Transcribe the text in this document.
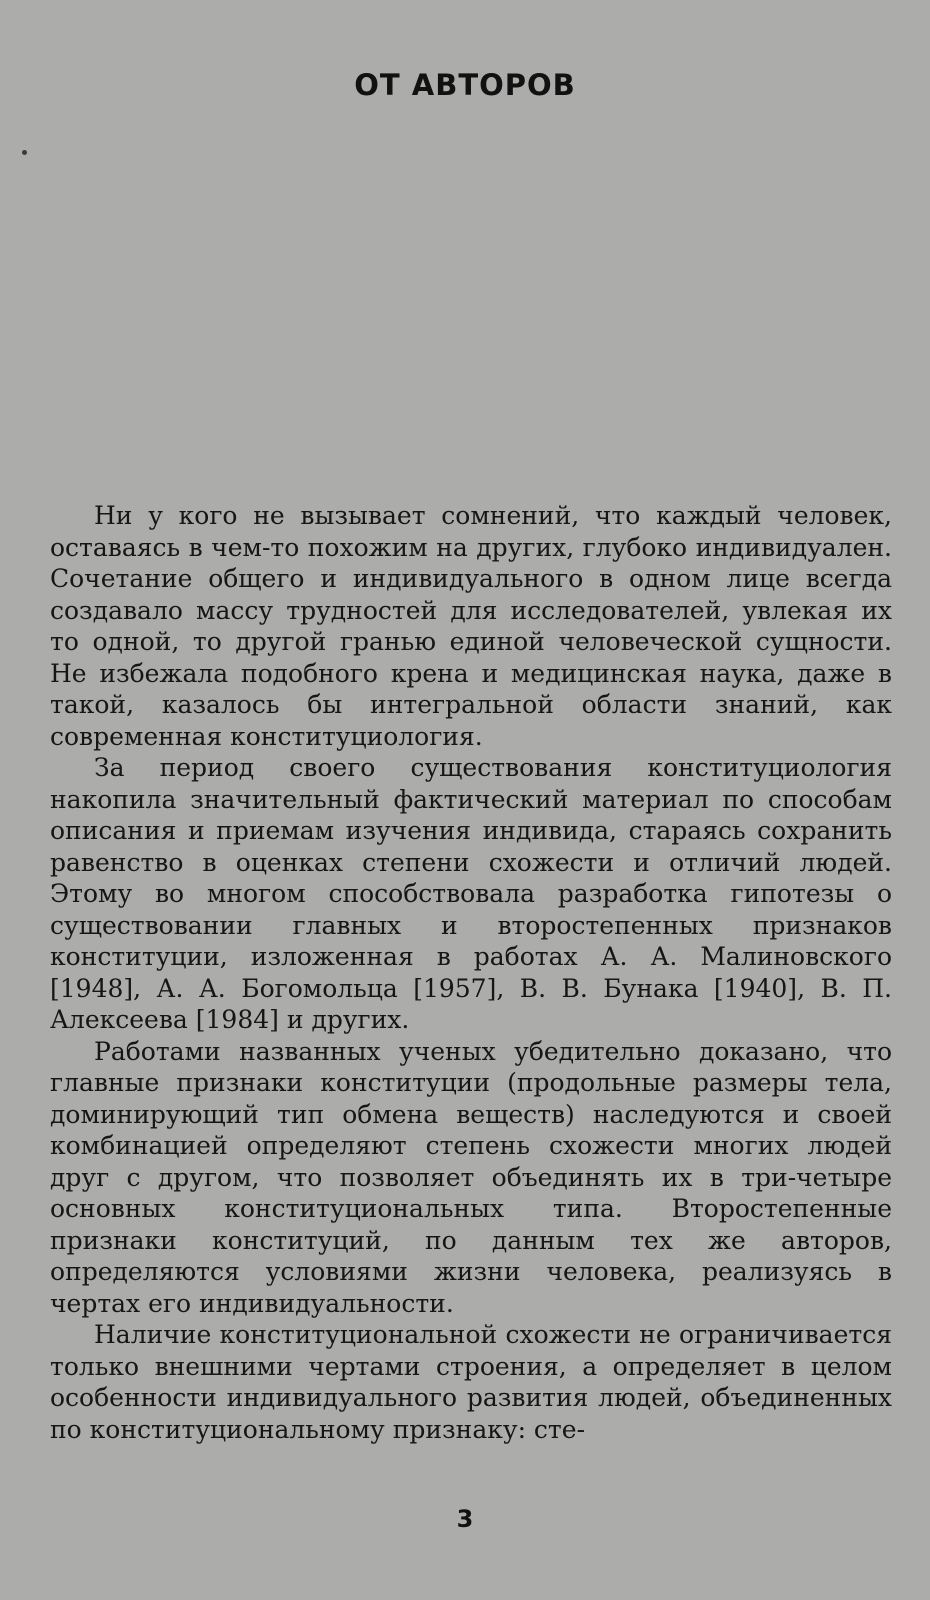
ОТ АВТОРОВ

Ни у кого не вызывает сомнений, что каждый человек, оставаясь в чем-то похожим на других, глубоко индивидуален. Сочетание общего и индивидуального в одном лице всегда создавало массу трудностей для исследователей, увлекая их то одной, то другой гранью единой человеческой сущности. Не избежала подобного крена и медицинская наука, даже в такой, казалось бы интегральной области знаний, как современная конституциология.

За период своего существования конституциология накопила значительный фактический материал по способам описания и приемам изучения индивида, стараясь сохранить равенство в оценках степени схожести и отличий людей. Этому во многом способствовала разработка гипотезы о существовании главных и второстепенных признаков конституции, изложенная в работах А. А. Малиновского [1948], А. А. Богомольца [1957], В. В. Бунака [1940], В. П. Алексеева [1984] и других.

Работами названных ученых убедительно доказано, что главные признаки конституции (продольные размеры тела, доминирующий тип обмена веществ) наследуются и своей комбинацией определяют степень схожести многих людей друг с другом, что позволяет объединять их в три-четыре основных конституциональных типа. Второстепенные признаки конституций, по данным тех же авторов, определяются условиями жизни человека, реализуясь в чертах его индивидуальности.

Наличие конституциональной схожести не ограничивается только внешними чертами строения, а определяет в целом особенности индивидуального развития людей, объединенных по конституциональному признаку: сте-

3
